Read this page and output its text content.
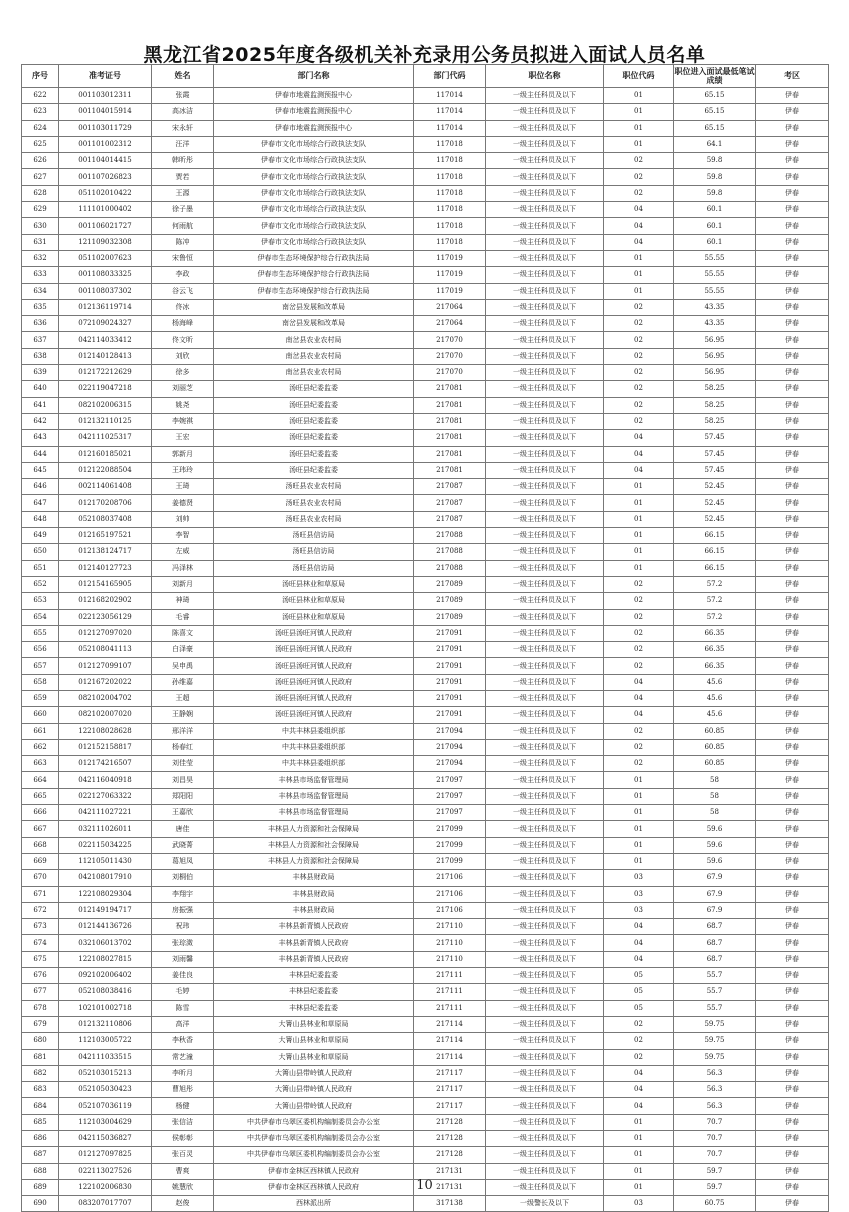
黑龙江省2025年度各级机关补充录用公务员拟进入面试人员名单
序号	准考证号	姓名	部门名称	部门代码	职位名称	职位代码	职位进入面试最低笔试成绩	考区
622	001103012311	张霞	伊春市地震监测预报中心	117014	一级主任科员及以下	01	65.15	伊春
623	001104015914	高冰洁	伊春市地震监测预报中心	117014	一级主任科员及以下	01	65.15	伊春
624	001103011729	宋永轩	伊春市地震监测预报中心	117014	一级主任科员及以下	01	65.15	伊春
625	001101002312	汪洋	伊春市文化市场综合行政执法支队	117018	一级主任科员及以下	01	64.1	伊春
626	001104014415	韩昕彤	伊春市文化市场综合行政执法支队	117018	一级主任科员及以下	02	59.8	伊春
627	001107026823	贾若	伊春市文化市场综合行政执法支队	117018	一级主任科员及以下	02	59.8	伊春
628	051102010422	王源	伊春市文化市场综合行政执法支队	117018	一级主任科员及以下	02	59.8	伊春
629	111101000402	徐子墨	伊春市文化市场综合行政执法支队	117018	一级主任科员及以下	04	60.1	伊春
630	001106021727	何雨航	伊春市文化市场综合行政执法支队	117018	一级主任科员及以下	04	60.1	伊春
631	121109032308	陈冲	伊春市文化市场综合行政执法支队	117018	一级主任科员及以下	04	60.1	伊春
632	051102007623	宋鲁恒	伊春市生态环境保护综合行政执法局	117019	一级主任科员及以下	01	55.55	伊春
633	001108033325	李政	伊春市生态环境保护综合行政执法局	117019	一级主任科员及以下	01	55.55	伊春
634	001108037302	谷云飞	伊春市生态环境保护综合行政执法局	117019	一级主任科员及以下	01	55.55	伊春
635	012136119714	佟冰	南岔县发展和改革局	217064	一级主任科员及以下	02	43.35	伊春
636	072109024327	杨海峰	南岔县发展和改革局	217064	一级主任科员及以下	02	43.35	伊春
637	042114033412	佟文昕	南岔县农业农村局	217070	一级主任科员及以下	02	56.95	伊春
638	012140128413	刘欣	南岔县农业农村局	217070	一级主任科员及以下	02	56.95	伊春
639	012172212629	徐多	南岔县农业农村局	217070	一级主任科员及以下	02	56.95	伊春
640	022119047218	刘丽芝	汤旺县纪委监委	217081	一级主任科员及以下	02	58.25	伊春
641	082102006315	姚尧	汤旺县纪委监委	217081	一级主任科员及以下	02	58.25	伊春
642	012132110125	李婉祺	汤旺县纪委监委	217081	一级主任科员及以下	02	58.25	伊春
643	042111025317	王宏	汤旺县纪委监委	217081	一级主任科员及以下	04	57.45	伊春
644	012160185021	郭新月	汤旺县纪委监委	217081	一级主任科员及以下	04	57.45	伊春
645	012122088504	王玮玲	汤旺县纪委监委	217081	一级主任科员及以下	04	57.45	伊春
646	002114061408	王琦	汤旺县农业农村局	217087	一级主任科员及以下	01	52.45	伊春
647	012170208706	姜德贤	汤旺县农业农村局	217087	一级主任科员及以下	01	52.45	伊春
648	052108037408	刘帅	汤旺县农业农村局	217087	一级主任科员及以下	01	52.45	伊春
649	012165197521	李智	汤旺县信访局	217088	一级主任科员及以下	01	66.15	伊春
650	012138124717	左威	汤旺县信访局	217088	一级主任科员及以下	01	66.15	伊春
651	012140127723	冯泽林	汤旺县信访局	217088	一级主任科员及以下	01	66.15	伊春
652	012154165905	刘新月	汤旺县林业和草原局	217089	一级主任科员及以下	02	57.2	伊春
653	012168202902	神琦	汤旺县林业和草原局	217089	一级主任科员及以下	02	57.2	伊春
654	022123056129	毛睿	汤旺县林业和草原局	217089	一级主任科员及以下	02	57.2	伊春
655	012127097020	陈喜文	汤旺县汤旺河镇人民政府	217091	一级主任科员及以下	02	66.35	伊春
656	052108041113	白泽豪	汤旺县汤旺河镇人民政府	217091	一级主任科员及以下	02	66.35	伊春
657	012127099107	吴申禹	汤旺县汤旺河镇人民政府	217091	一级主任科员及以下	02	66.35	伊春
658	012167202022	孙维嘉	汤旺县汤旺河镇人民政府	217091	一级主任科员及以下	04	45.6	伊春
659	082102004702	王超	汤旺县汤旺河镇人民政府	217091	一级主任科员及以下	04	45.6	伊春
660	082102007020	王静娴	汤旺县汤旺河镇人民政府	217091	一级主任科员及以下	04	45.6	伊春
661	122108028628	邢洋洋	中共丰林县委组织部	217094	一级主任科员及以下	02	60.85	伊春
662	012152158817	杨春红	中共丰林县委组织部	217094	一级主任科员及以下	02	60.85	伊春
663	012174216507	刘佳莹	中共丰林县委组织部	217094	一级主任科员及以下	02	60.85	伊春
664	042116040918	刘昌昊	丰林县市场监督管理局	217097	一级主任科员及以下	01	58	伊春
665	022127063322	郑阳阳	丰林县市场监督管理局	217097	一级主任科员及以下	01	58	伊春
666	042111027221	王嘉欣	丰林县市场监督管理局	217097	一级主任科员及以下	01	58	伊春
667	032111026011	唐佳	丰林县人力资源和社会保障局	217099	一级主任科员及以下	01	59.6	伊春
668	022115034225	武晓菁	丰林县人力资源和社会保障局	217099	一级主任科员及以下	01	59.6	伊春
669	112105011430	葛旭凤	丰林县人力资源和社会保障局	217099	一级主任科员及以下	01	59.6	伊春
670	042108017910	刘桐伯	丰林县财政局	217106	一级主任科员及以下	03	67.9	伊春
671	122108029304	李翔宇	丰林县财政局	217106	一级主任科员及以下	03	67.9	伊春
672	012149194717	房振强	丰林县财政局	217106	一级主任科员及以下	03	67.9	伊春
673	012144136726	祝玮	丰林县新青镇人民政府	217110	一级主任科员及以下	04	68.7	伊春
674	032106013702	张琮溦	丰林县新青镇人民政府	217110	一级主任科员及以下	04	68.7	伊春
675	122108027815	刘雨馨	丰林县新青镇人民政府	217110	一级主任科员及以下	04	68.7	伊春
676	092102006402	姜佳良	丰林县纪委监委	217111	一级主任科员及以下	05	55.7	伊春
677	052108038416	毛婷	丰林县纪委监委	217111	一级主任科员及以下	05	55.7	伊春
678	102101002718	陈雪	丰林县纪委监委	217111	一级主任科员及以下	05	55.7	伊春
679	012132110806	高洋	大箐山县林业和草原局	217114	一级主任科员及以下	02	59.75	伊春
680	112103005722	李秋香	大箐山县林业和草原局	217114	一级主任科员及以下	02	59.75	伊春
681	042111033515	常艺潼	大箐山县林业和草原局	217114	一级主任科员及以下	02	59.75	伊春
682	052103015213	李昕月	大箐山县带岭镇人民政府	217117	一级主任科员及以下	04	56.3	伊春
683	052105030423	曹旭彤	大箐山县带岭镇人民政府	217117	一级主任科员及以下	04	56.3	伊春
684	052107036119	杨健	大箐山县带岭镇人民政府	217117	一级主任科员及以下	04	56.3	伊春
685	112103004629	张信洁	中共伊春市乌翠区委机构编制委员会办公室	217128	一级主任科员及以下	01	70.7	伊春
686	042115036827	侯彰彰	中共伊春市乌翠区委机构编制委员会办公室	217128	一级主任科员及以下	01	70.7	伊春
687	012127097825	张百灵	中共伊春市乌翠区委机构编制委员会办公室	217128	一级主任科员及以下	01	70.7	伊春
688	022113027526	曹爽	伊春市金林区西林镇人民政府	217131	一级主任科员及以下	01	59.7	伊春
689	122102006830	姚慧欣	伊春市金林区西林镇人民政府	217131	一级主任科员及以下	01	59.7	伊春
690	083207017707	赵俊	西林派出所	317138	一级警长及以下	03	60.75	伊春
10
